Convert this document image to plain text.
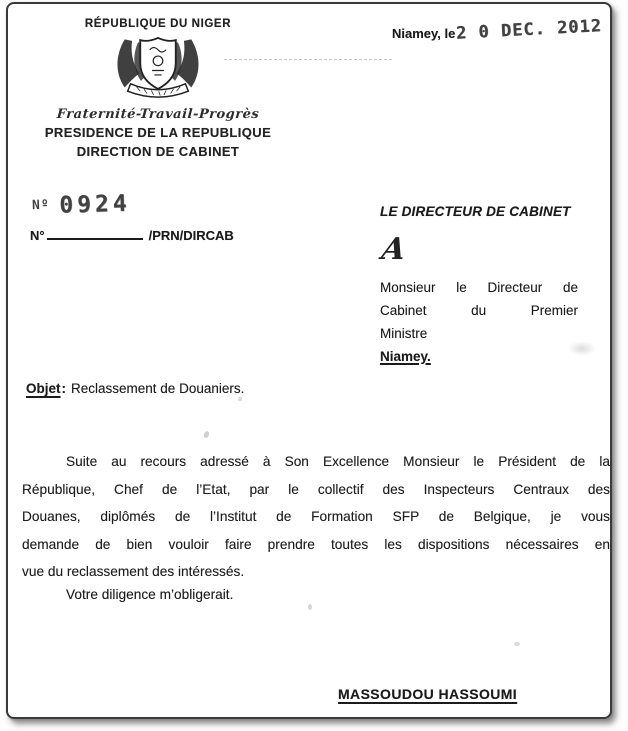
RÉPUBLIQUE DU NIGER
Fraternité-Travail-Progrès
PRESIDENCE DE LA REPUBLIQUE
DIRECTION DE CABINET
Niamey, le 2 0 DEC. 2012
$^{Nº}$ 0924
N°	/PRN/DIRCAB
LE DIRECTEUR DE CABINET
A
Monsieur le Directeur de
Cabinet du Premier
Ministre
Niamey.
Objet: Reclassement de Douaniers.
Suite au recours adressé à Son Excellence Monsieur le Président de la
République, Chef de l’Etat, par le collectif des Inspecteurs Centraux des
Douanes, diplômés de l’Institut de Formation SFP de Belgique, je vous
demande de bien vouloir faire prendre toutes les dispositions nécessaires en
vue du reclassement des intéressés.
Votre diligence m’obligerait.
MASSOUDOU HASSOUMI
